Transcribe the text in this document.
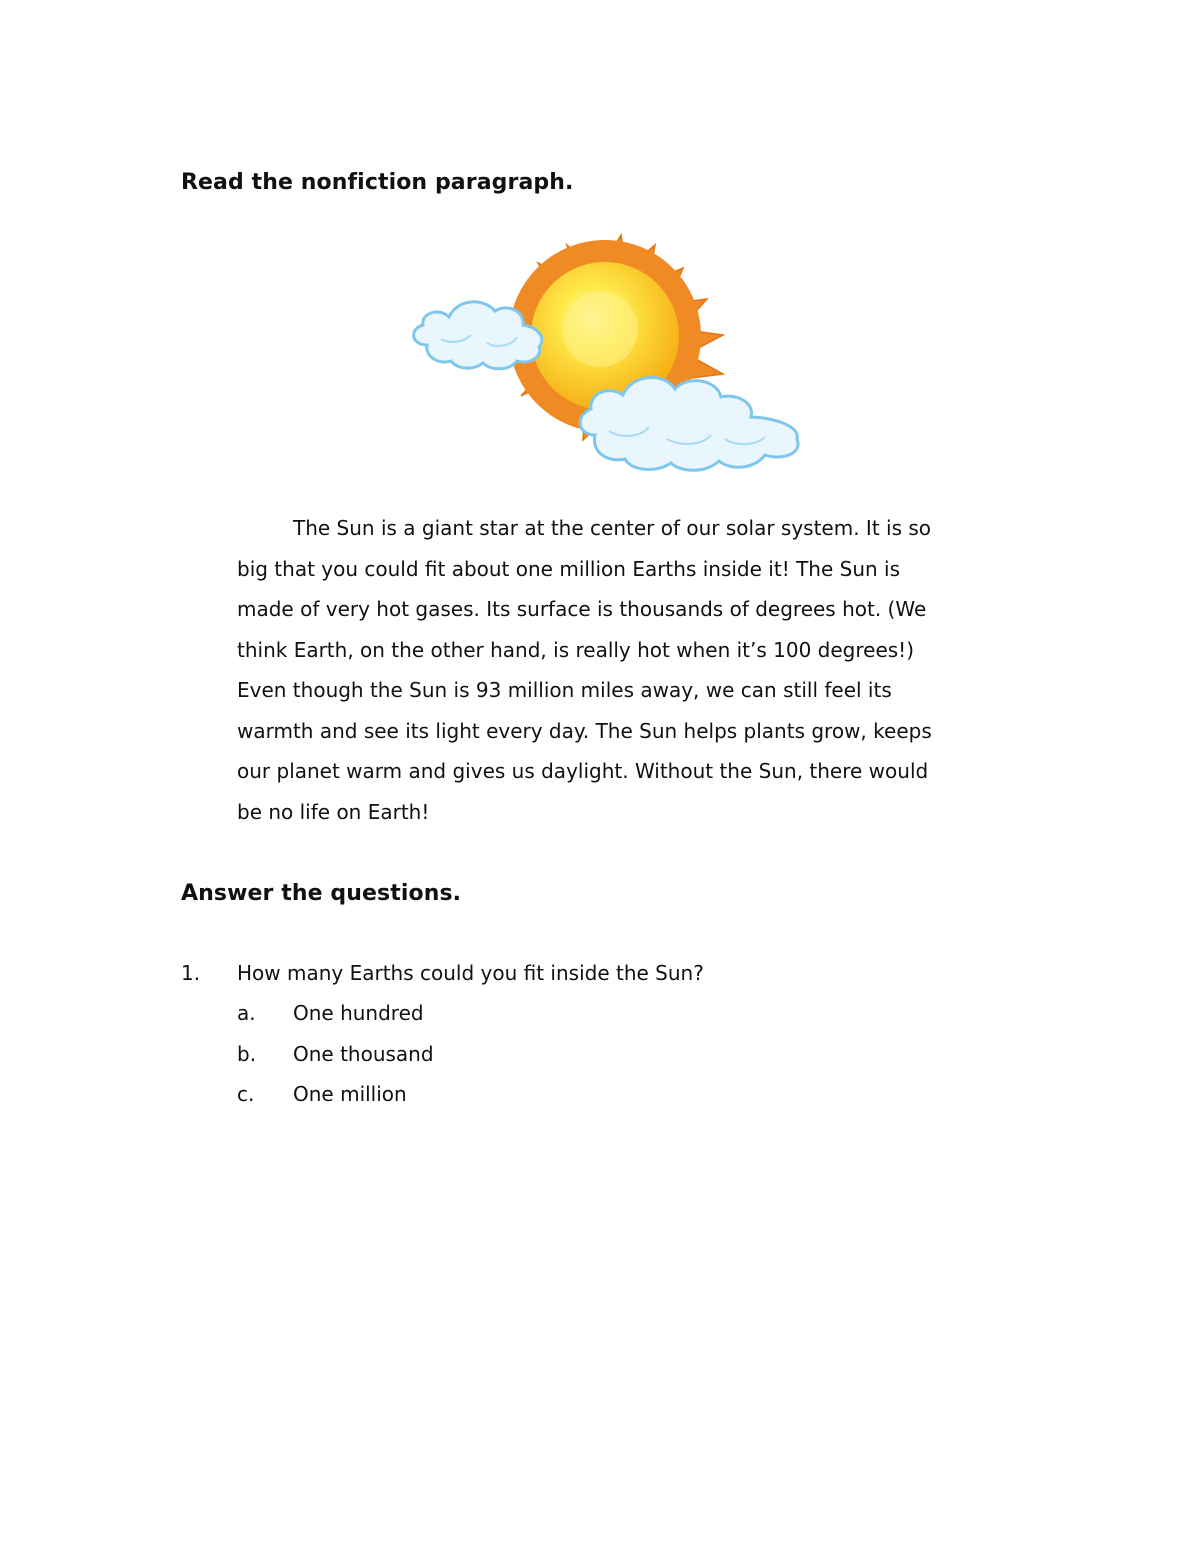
Read the nonfiction paragraph.

The Sun is a giant star at the center of our solar system. It is so big that you could fit about one million Earths inside it! The Sun is made of very hot gases. Its surface is thousands of degrees hot. (We think Earth, on the other hand, is really hot when it’s 100 degrees!) Even though the Sun is 93 million miles away, we can still feel its warmth and see its light every day. The Sun helps plants grow, keeps our planet warm and gives us daylight. Without the Sun, there would be no life on Earth!

Answer the questions.
1.	How many Earths could you fit inside the Sun?
a.	One hundred
b.	One thousand
c.	One million
